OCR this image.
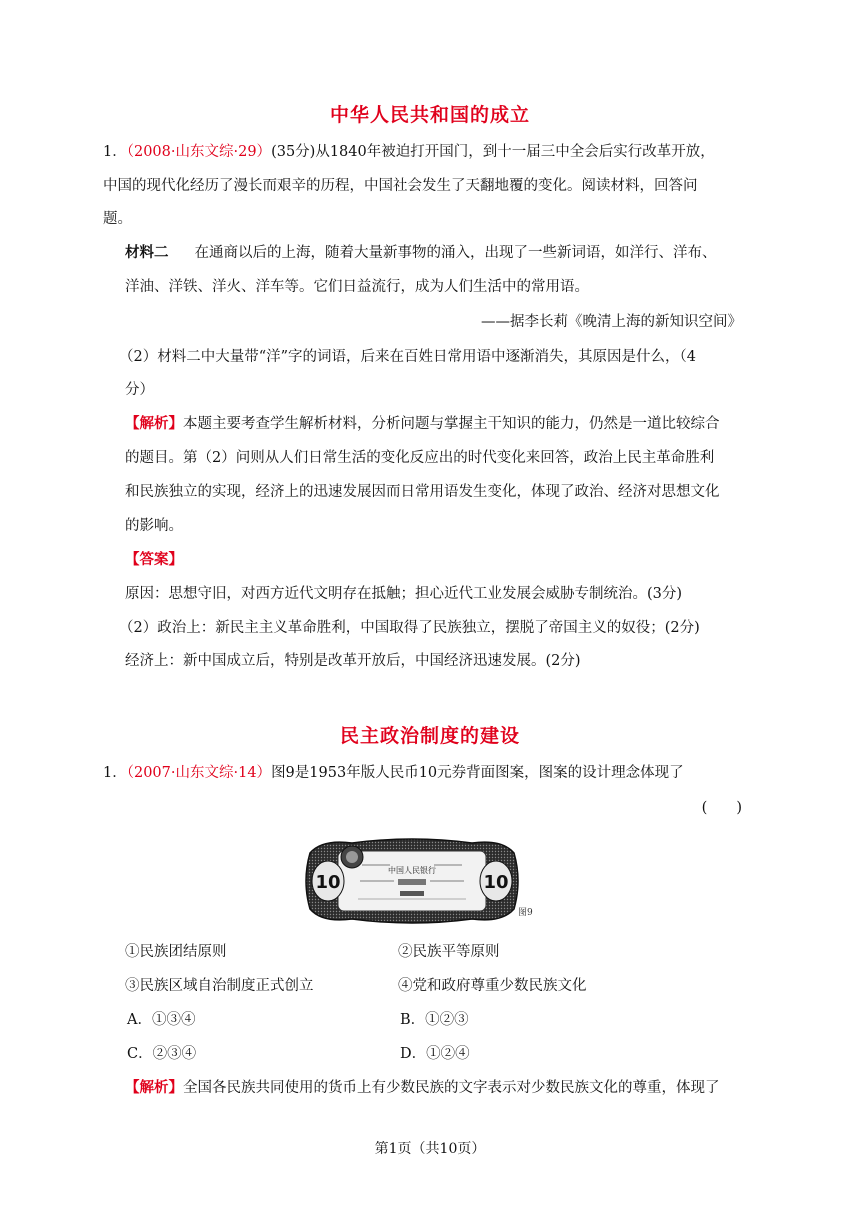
中华人民共和国的成立
1．（2008·山东文综·29）(35分)从1840年被迫打开国门，到十一届三中全会后实行改革开放，
中国的现代化经历了漫长而艰辛的历程，中国社会发生了天翻地覆的变化。阅读材料，回答问
题。
材料二 在通商以后的上海，随着大量新事物的涌入，出现了一些新词语，如洋行、洋布、
洋油、洋铁、洋火、洋车等。它们日益流行，成为人们生活中的常用语。
——据李长莉《晚清上海的新知识空间》
（2）材料二中大量带“洋”字的词语，后来在百姓日常用语中逐渐消失，其原因是什么，（4
分）
【解析】本题主要考查学生解析材料，分析问题与掌握主干知识的能力，仍然是一道比较综合
的题目。第（2）问则从人们日常生活的变化反应出的时代变化来回答，政治上民主革命胜利
和民族独立的实现，经济上的迅速发展因而日常用语发生变化，体现了政治、经济对思想文化
的影响。
【答案】
原因：思想守旧，对西方近代文明存在抵触；担心近代工业发展会威胁专制统治。(3分)
（2）政治上：新民主主义革命胜利，中国取得了民族独立，摆脱了帝国主义的奴役；(2分)
经济上：新中国成立后，特别是改革开放后，中国经济迅速发展。(2分)
民主政治制度的建设
1．（2007·山东文综·14）图9是1953年版人民币10元券背面图案，图案的设计理念体现了
(　　)
10	10
中国人民银行
图9
①民族团结原则	②民族平等原则
③民族区域自治制度正式创立	④党和政府尊重少数民族文化
A．①③④	B．①②③
C．②③④	D．①②④
【解析】全国各民族共同使用的货币上有少数民族的文字表示对少数民族文化的尊重，体现了
第1页（共10页）
